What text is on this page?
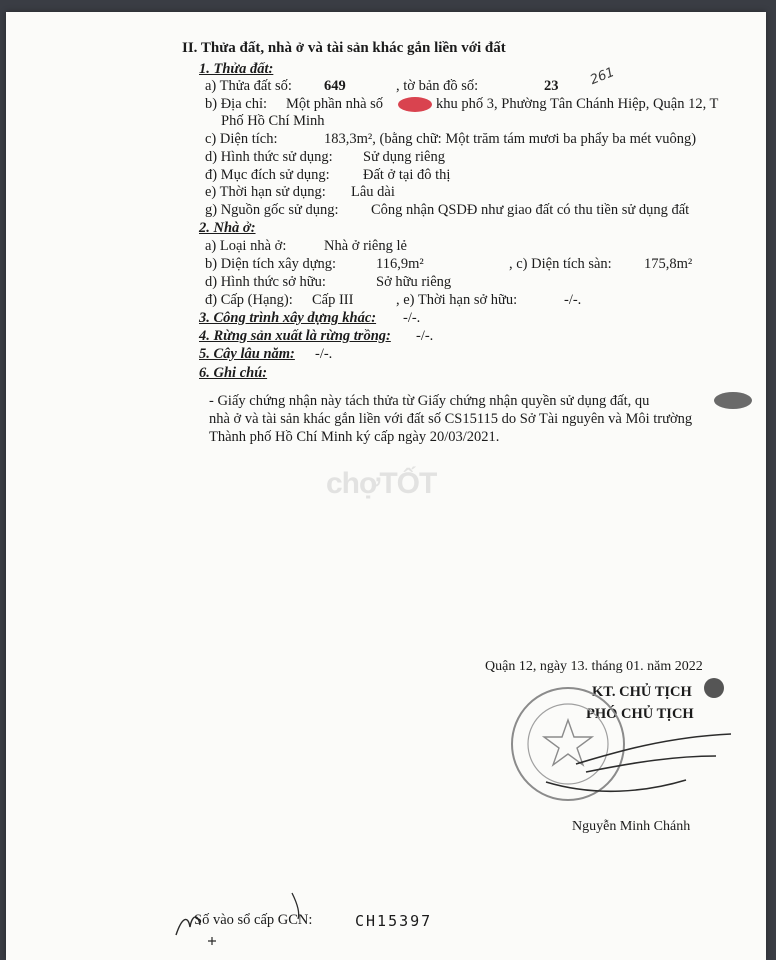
II. Thửa đất, nhà ở và tài sản khác gắn liền với đất
1. Thửa đất:
a) Thửa đất số: 649	, tờ bản đồ số:	23 261
b) Địa chỉ: Một phần nhà số	khu phố 3, Phường Tân Chánh Hiệp, Quận 12, T
Phố Hồ Chí Minh
c) Diện tích:	183,3m², (bằng chữ: Một trăm tám mươi ba phẩy ba mét vuông)
d) Hình thức sử dụng: Sử dụng riêng
đ) Mục đích sử dụng: Đất ở tại đô thị
e) Thời hạn sử dụng: Lâu dài
g) Nguồn gốc sử dụng: Công nhận QSDĐ như giao đất có thu tiền sử dụng đất
2. Nhà ở:
a) Loại nhà ở:	Nhà ở riêng lẻ
b) Diện tích xây dựng:	116,9m²	, c) Diện tích sàn: 175,8m²
d) Hình thức sở hữu:	Sở hữu riêng
đ) Cấp (Hạng): Cấp III	, e) Thời hạn sở hữu:	-/-.
3. Công trình xây dựng khác: -/-.
4. Rừng sản xuất là rừng trồng: -/-.
5. Cây lâu năm: -/-.
6. Ghi chú:
- Giấy chứng nhận này tách thửa từ Giấy chứng nhận quyền sử dụng đất, qu
nhà ở và tài sản khác gắn liền với đất số CS15115 do Sở Tài nguyên và Môi trường
Thành phố Hồ Chí Minh ký cấp ngày 20/03/2021.
chợTỐT
Quận 12, ngày 13. tháng 01. năm 2022
KT. CHỦ TỊCH
PHÓ CHỦ TỊCH
Nguyễn Minh Chánh
Số vào sổ cấp GCN:	CH15397
